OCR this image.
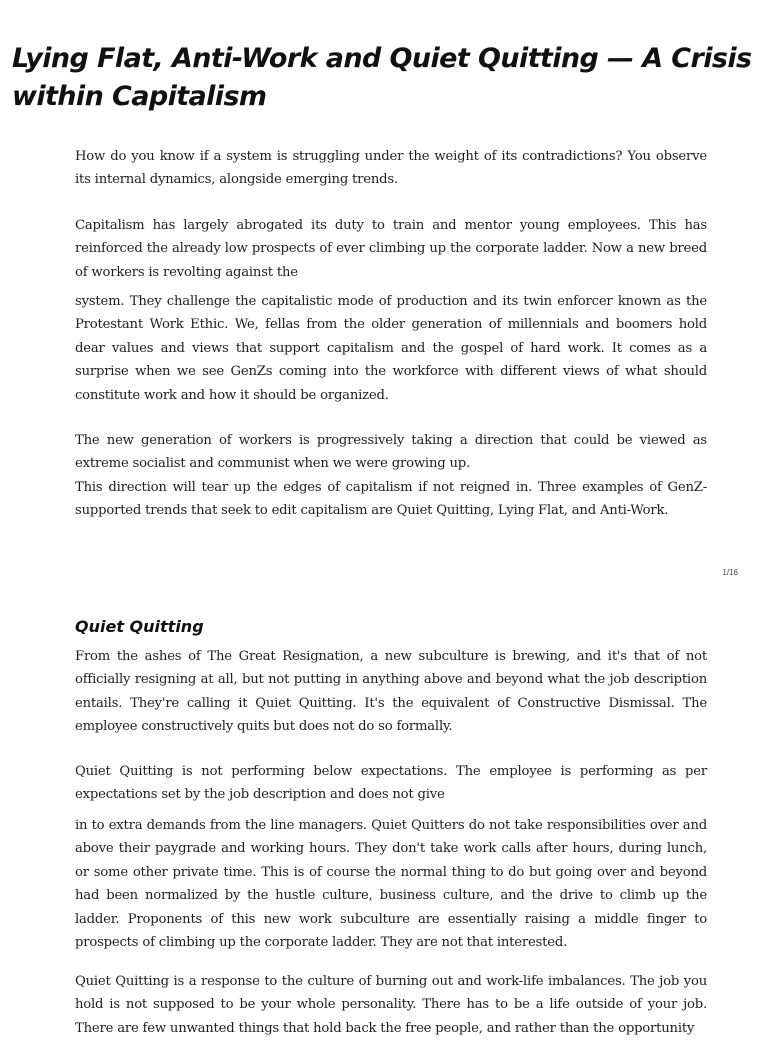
Lying Flat, Anti-Work and Quiet Quitting — A Crisis within Capitalism

How do you know if a system is struggling under the weight of its contradictions? You observe its internal dynamics, alongside emerging trends.

Capitalism has largely abrogated its duty to train and mentor young employees. This has reinforced the already low prospects of ever climbing up the corporate ladder. Now a new breed of workers is revolting against the

system. They challenge the capitalistic mode of production and its twin enforcer known as the Protestant Work Ethic. We, fellas from the older generation of millennials and boomers hold dear values and views that support capitalism and the gospel of hard work. It comes as a surprise when we see GenZs coming into the workforce with different views of what should constitute work and how it should be organized.

The new generation of workers is progressively taking a direction that could be viewed as extreme socialist and communist when we were growing up.

This direction will tear up the edges of capitalism if not reigned in. Three examples of GenZ-supported trends that seek to edit capitalism are Quiet Quitting, Lying Flat, and Anti-Work.

1/16
Quiet Quitting

From the ashes of The Great Resignation, a new subculture is brewing, and it's that of not officially resigning at all, but not putting in anything above and beyond what the job description entails. They're calling it Quiet Quitting. It's the equivalent of Constructive Dismissal. The employee constructively quits but does not do so formally.

Quiet Quitting is not performing below expectations. The employee is performing as per expectations set by the job description and does not give

in to extra demands from the line managers. Quiet Quitters do not take responsibilities over and above their paygrade and working hours. They don't take work calls after hours, during lunch, or some other private time. This is of course the normal thing to do but going over and beyond had been normalized by the hustle culture, business culture, and the drive to climb up the ladder. Proponents of this new work subculture are essentially raising a middle finger to prospects of climbing up the corporate ladder. They are not that interested.

Quiet Quitting is a response to the culture of burning out and work-life imbalances. The job you hold is not supposed to be your whole personality. There has to be a life outside of your job. There are few unwanted things that hold back the free people, and rather than the opportunity
